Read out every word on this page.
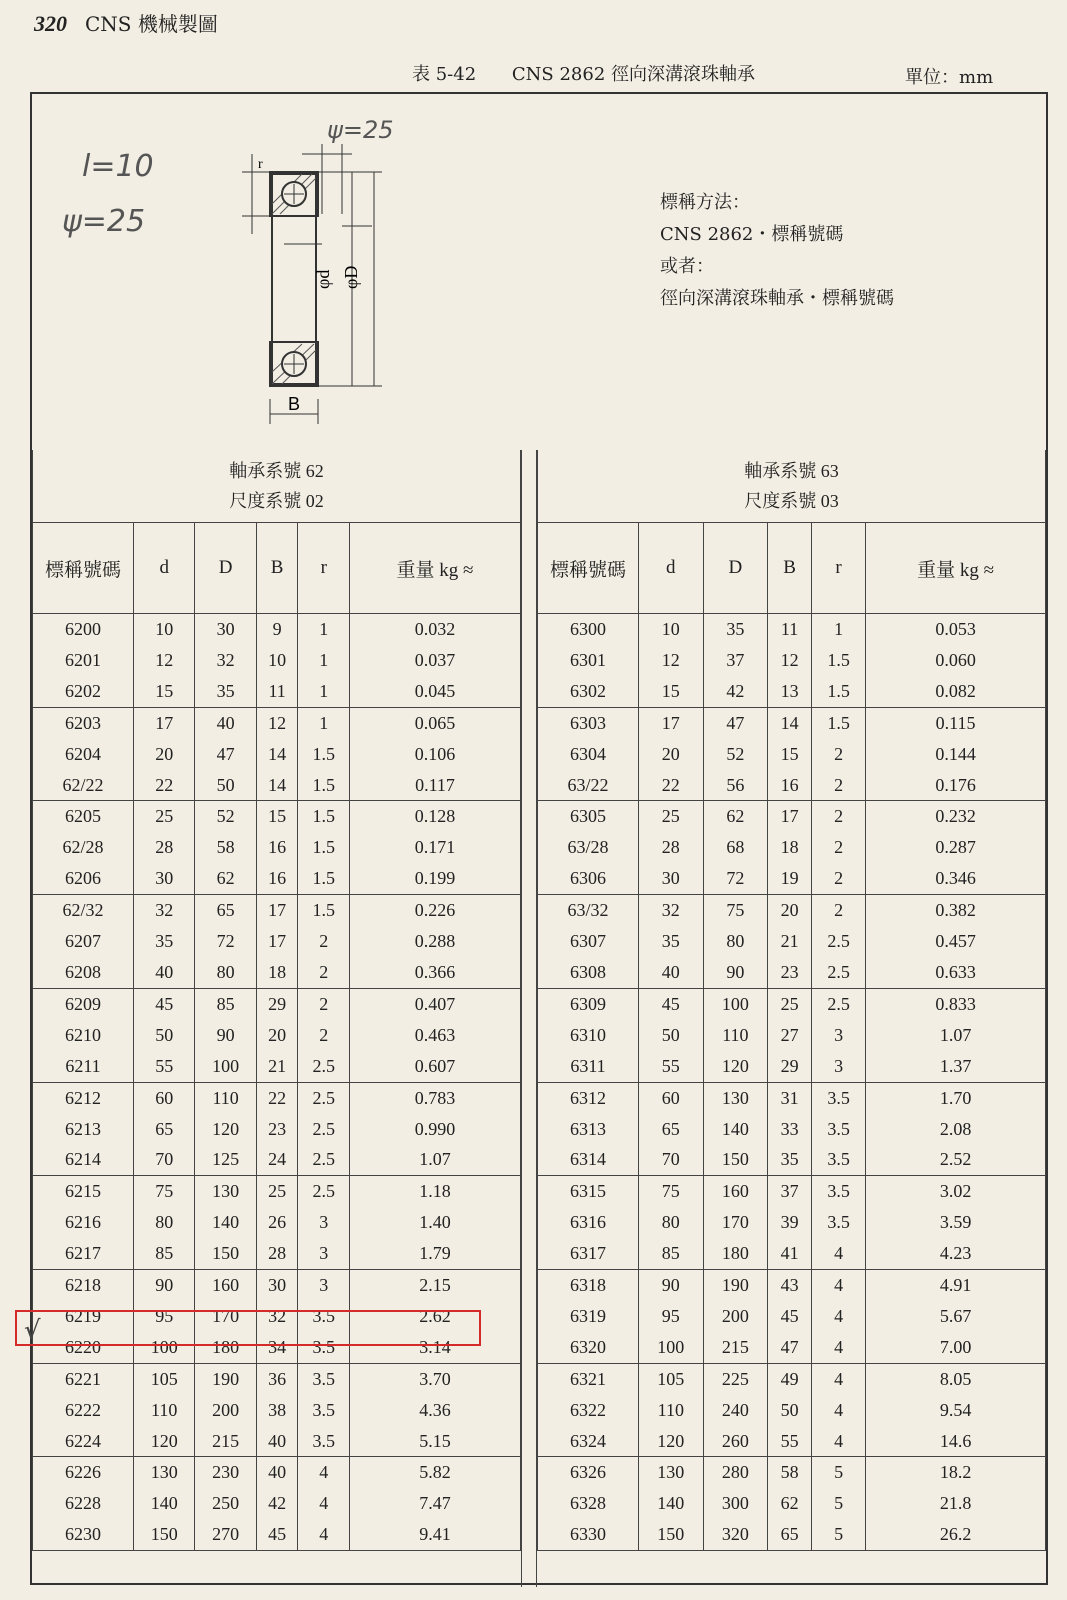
320 CNS 機械製圖
表 5-42 CNS 2862 徑向深溝滾珠軸承	單位：mm
φd φD
B
r
ψ=25
l=10
ψ=25
標稱方法：
CNS 2862・標稱號碼
或者：
徑向深溝滾珠軸承・標稱號碼
軸承系號 62
尺度系號 02					

標稱號碼	d	D	B	r	重量 kg ≈
6200	10	30	9	1	0.032
6201	12	32	10	1	0.037
6202	15	35	11	1	0.045
6203	17	40	12	1	0.065
6204	20	47	14	1.5	0.106
62/22	22	50	14	1.5	0.117
6205	25	52	15	1.5	0.128
62/28	28	58	16	1.5	0.171
6206	30	62	16	1.5	0.199
62/32	32	65	17	1.5	0.226
6207	35	72	17	2	0.288
6208	40	80	18	2	0.366
6209	45	85	29	2	0.407
6210	50	90	20	2	0.463
6211	55	100	21	2.5	0.607
6212	60	110	22	2.5	0.783
6213	65	120	23	2.5	0.990
6214	70	125	24	2.5	1.07
6215	75	130	25	2.5	1.18
6216	80	140	26	3	1.40
6217	85	150	28	3	1.79
6218	90	160	30	3	2.15
6219	95	170	32	3.5	2.62
6220	100	180	34	3.5	3.14
6221	105	190	36	3.5	3.70
6222	110	200	38	3.5	4.36
6224	120	215	40	3.5	5.15
6226	130	230	40	4	5.82
6228	140	250	42	4	7.47
6230	150	270	45	4	9.41
軸承系號 63
尺度系號 03					

標稱號碼	d	D	B	r	重量 kg ≈
6300	10	35	11	1	0.053
6301	12	37	12	1.5	0.060
6302	15	42	13	1.5	0.082
6303	17	47	14	1.5	0.115
6304	20	52	15	2	0.144
63/22	22	56	16	2	0.176
6305	25	62	17	2	0.232
63/28	28	68	18	2	0.287
6306	30	72	19	2	0.346
63/32	32	75	20	2	0.382
6307	35	80	21	2.5	0.457
6308	40	90	23	2.5	0.633
6309	45	100	25	2.5	0.833
6310	50	110	27	3	1.07
6311	55	120	29	3	1.37
6312	60	130	31	3.5	1.70
6313	65	140	33	3.5	2.08
6314	70	150	35	3.5	2.52
6315	75	160	37	3.5	3.02
6316	80	170	39	3.5	3.59
6317	85	180	41	4	4.23
6318	90	190	43	4	4.91
6319	95	200	45	4	5.67
6320	100	215	47	4	7.00
6321	105	225	49	4	8.05
6322	110	240	50	4	9.54
6324	120	260	55	4	14.6
6326	130	280	58	5	18.2
6328	140	300	62	5	21.8
6330	150	320	65	5	26.2
√
